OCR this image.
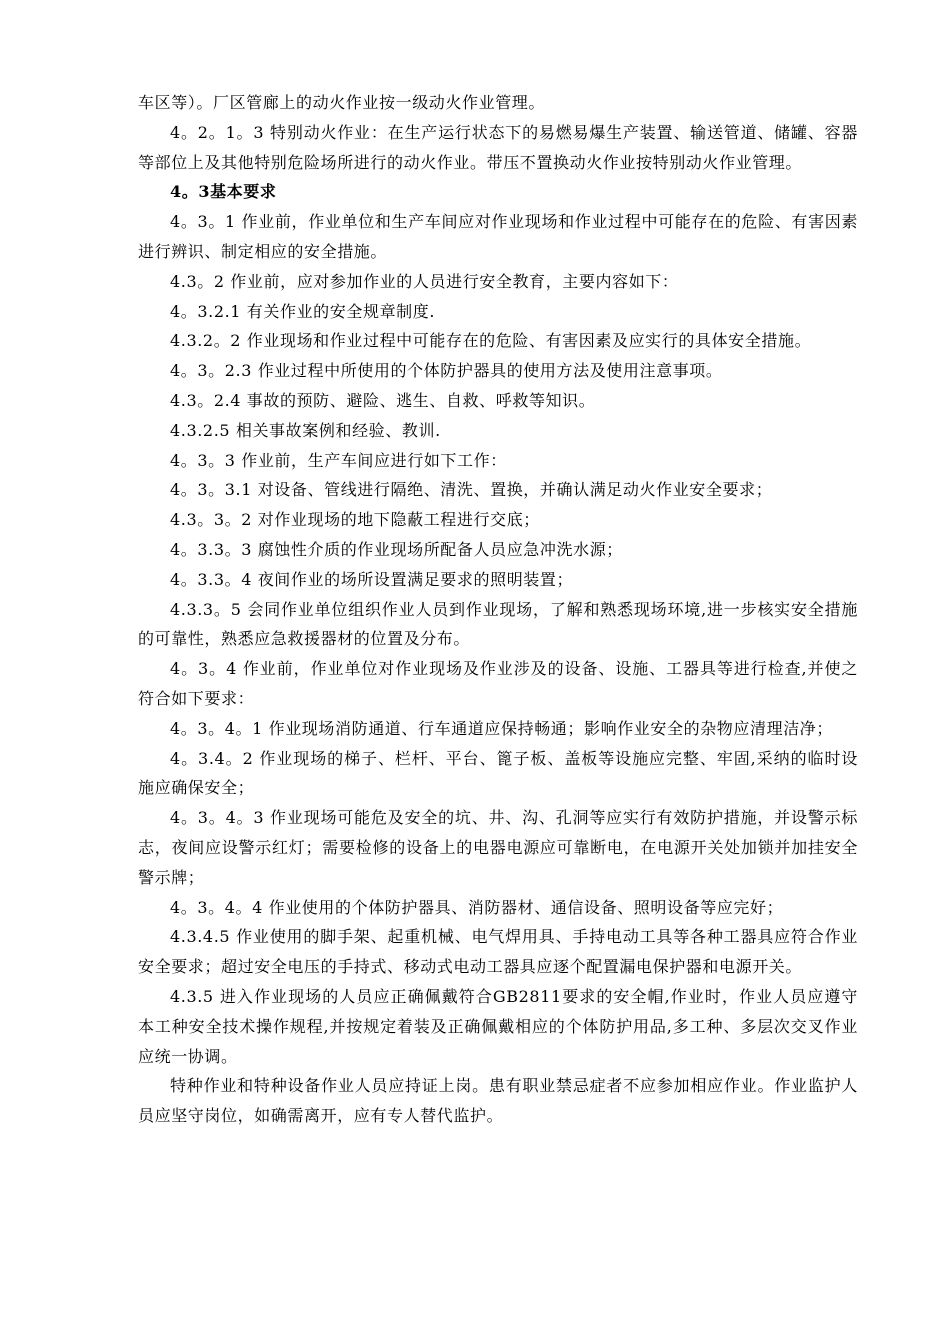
车区等）。厂区管廊上的动火作业按一级动火作业管理。

4。2。1。3 特别动火作业：在生产运行状态下的易燃易爆生产装置、输送管道、储罐、容器等部位上及其他特别危险场所进行的动火作业。带压不置换动火作业按特别动火作业管理。

4。3基本要求

4。3。1 作业前，作业单位和生产车间应对作业现场和作业过程中可能存在的危险、有害因素进行辨识、制定相应的安全措施。

4.3。2 作业前，应对参加作业的人员进行安全教育，主要内容如下：

4。3.2.1 有关作业的安全规章制度.

4.3.2。2 作业现场和作业过程中可能存在的危险、有害因素及应实行的具体安全措施。

4。3。2.3 作业过程中所使用的个体防护器具的使用方法及使用注意事项。

4.3。2.4 事故的预防、避险、逃生、自救、呼救等知识。

4.3.2.5 相关事故案例和经验、教训.

4。3。3 作业前，生产车间应进行如下工作：

4。3。3.1 对设备、管线进行隔绝、清洗、置换，并确认满足动火作业安全要求；

4.3。3。2 对作业现场的地下隐蔽工程进行交底；

4。3.3。3 腐蚀性介质的作业现场所配备人员应急冲洗水源；

4。3.3。4 夜间作业的场所设置满足要求的照明装置；

4.3.3。5 会同作业单位组织作业人员到作业现场，了解和熟悉现场环境,进一步核实安全措施的可靠性，熟悉应急救援器材的位置及分布。

4。3。4 作业前，作业单位对作业现场及作业涉及的设备、设施、工器具等进行检查,并使之符合如下要求：

4。3。4。1 作业现场消防通道、行车通道应保持畅通；影响作业安全的杂物应清理洁净；

4。3.4。2 作业现场的梯子、栏杆、平台、篦子板、盖板等设施应完整、牢固,采纳的临时设施应确保安全；

4。3。4。3 作业现场可能危及安全的坑、井、沟、孔洞等应实行有效防护措施，并设警示标志，夜间应设警示红灯；需要检修的设备上的电器电源应可靠断电，在电源开关处加锁并加挂安全警示牌；

4。3。4。4 作业使用的个体防护器具、消防器材、通信设备、照明设备等应完好；

4.3.4.5 作业使用的脚手架、起重机械、电气焊用具、手持电动工具等各种工器具应符合作业安全要求；超过安全电压的手持式、移动式电动工器具应逐个配置漏电保护器和电源开关。

4.3.5 进入作业现场的人员应正确佩戴符合GB2811要求的安全帽,作业时，作业人员应遵守本工种安全技术操作规程,并按规定着装及正确佩戴相应的个体防护用品,多工种、多层次交叉作业应统一协调。

特种作业和特种设备作业人员应持证上岗。患有职业禁忌症者不应参加相应作业。作业监护人员应坚守岗位，如确需离开，应有专人替代监护。
